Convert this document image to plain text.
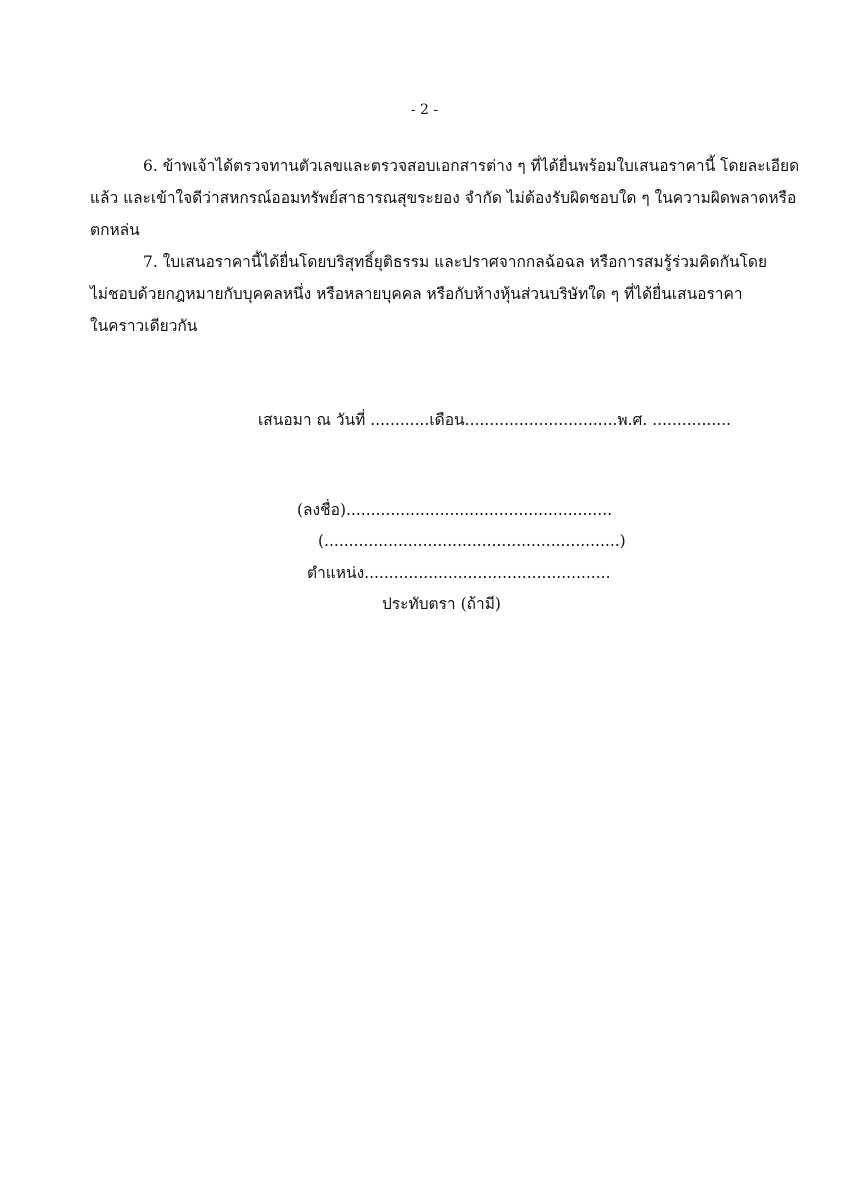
- 2 -
6. ข้าพเจ้าได้ตรวจทานตัวเลขและตรวจสอบเอกสารต่าง ๆ ที่ได้ยื่นพร้อมใบเสนอราคานี้ โดยละเอียด
แล้ว และเข้าใจดีว่าสหกรณ์ออมทรัพย์สาธารณสุขระยอง จำกัด ไม่ต้องรับผิดชอบใด ๆ ในความผิดพลาดหรือ
ตกหล่น
7. ใบเสนอราคานี้ได้ยื่นโดยบริสุทธิ์ยุติธรรม และปราศจากกลฉ้อฉล หรือการสมรู้ร่วมคิดกันโดย
ไม่ชอบด้วยกฎหมายกับบุคคลหนึ่ง หรือหลายบุคคล หรือกับห้างหุ้นส่วนบริษัทใด ๆ ที่ได้ยื่นเสนอราคา
ในคราวเดียวกัน
เสนอมา ณ วันที่ ............เดือน...............................พ.ศ. ................
(ลงชื่อ)......................................................
(............................................................)
ตำแหน่ง..................................................
ประทับตรา (ถ้ามี)
